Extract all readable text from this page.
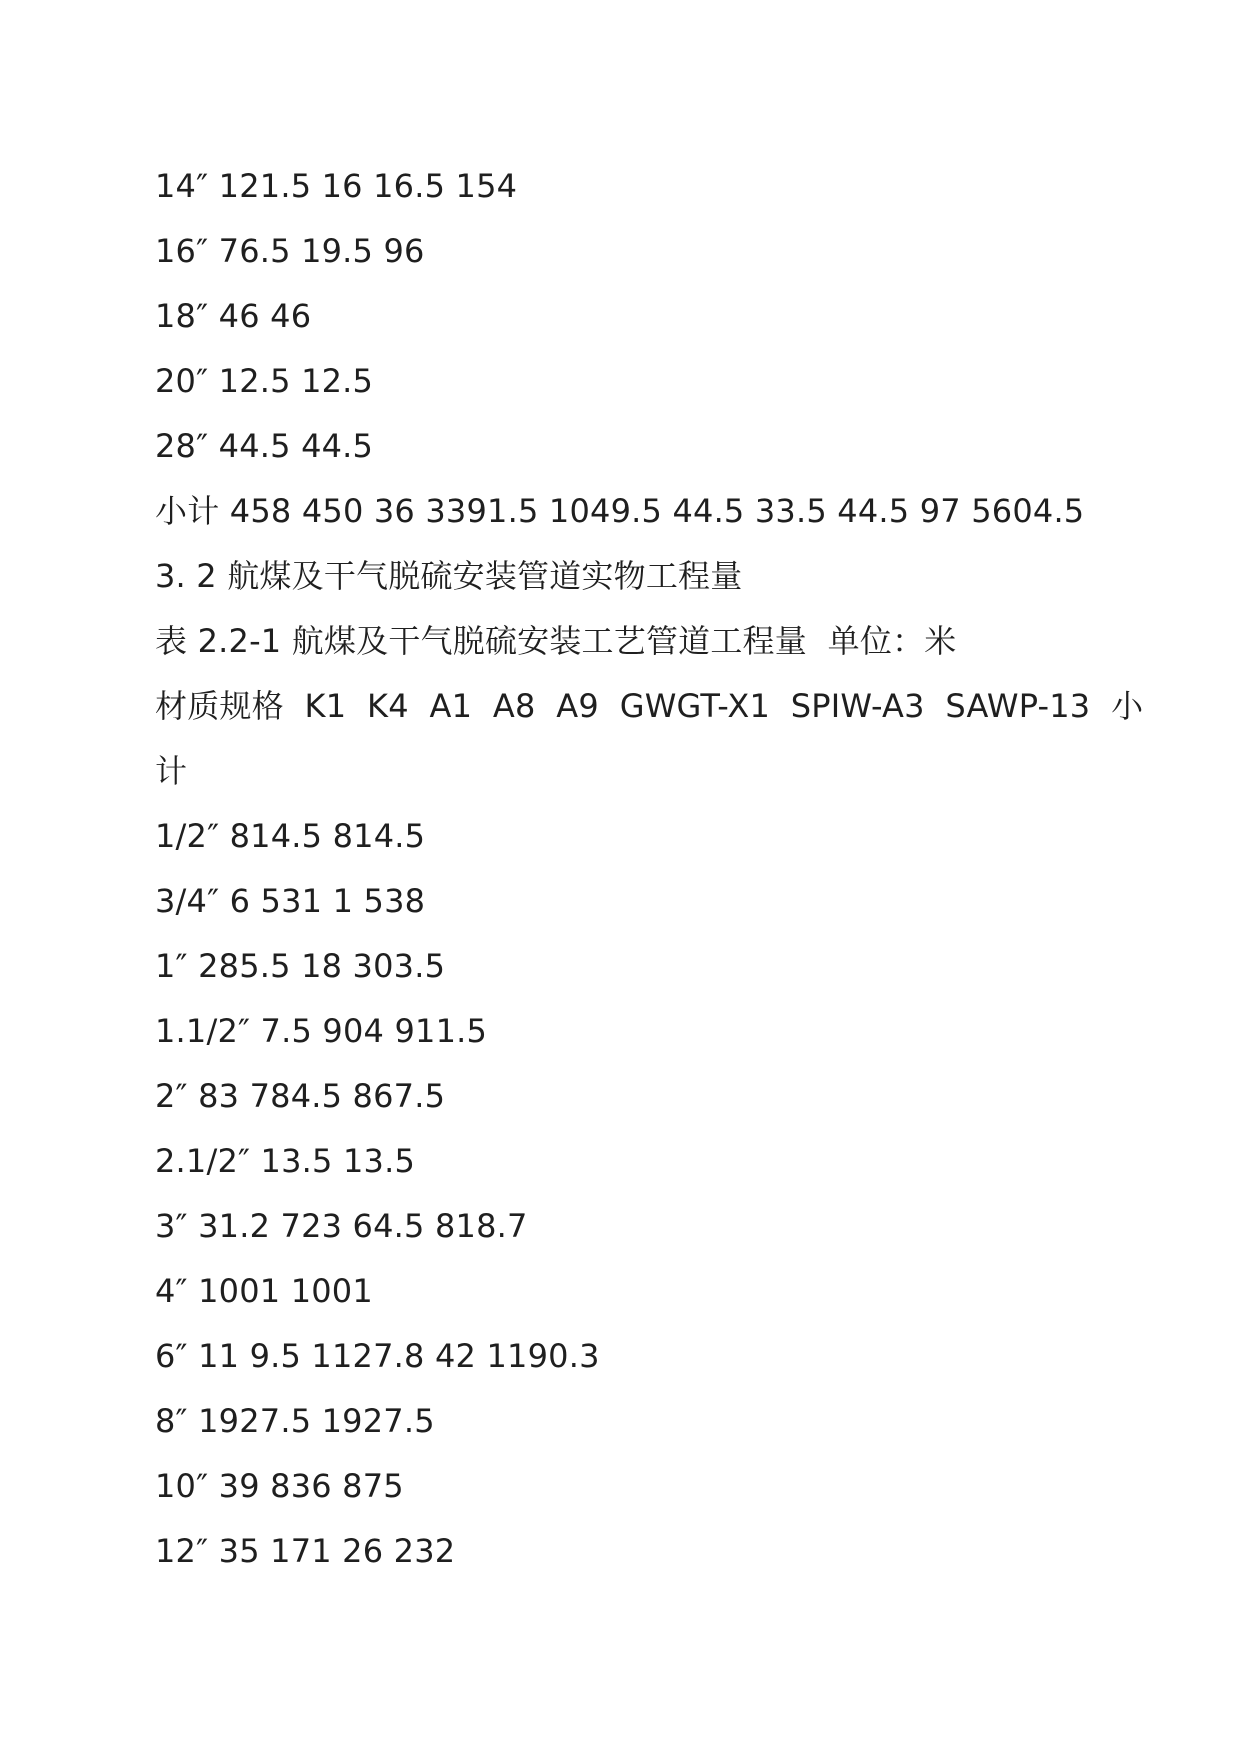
14″ 121.5 16 16.5 154
16″ 76.5 19.5 96
18″ 46 46
20″ 12.5 12.5
28″ 44.5 44.5
小计 458 450 36 3391.5 1049.5 44.5 33.5 44.5 97 5604.5
3. 2 航煤及干气脱硫安装管道实物工程量
表 2.2-1 航煤及干气脱硫安装工艺管道工程量  单位：米
材质规格  K1  K4  A1  A8  A9  GWGT-X1  SPIW-A3  SAWP-13  小
计
1/2″ 814.5 814.5
3/4″ 6 531 1 538
1″ 285.5 18 303.5
1.1/2″ 7.5 904 911.5
2″ 83 784.5 867.5
2.1/2″ 13.5 13.5
3″ 31.2 723 64.5 818.7
4″ 1001 1001
6″ 11 9.5 1127.8 42 1190.3
8″ 1927.5 1927.5
10″ 39 836 875
12″ 35 171 26 232
